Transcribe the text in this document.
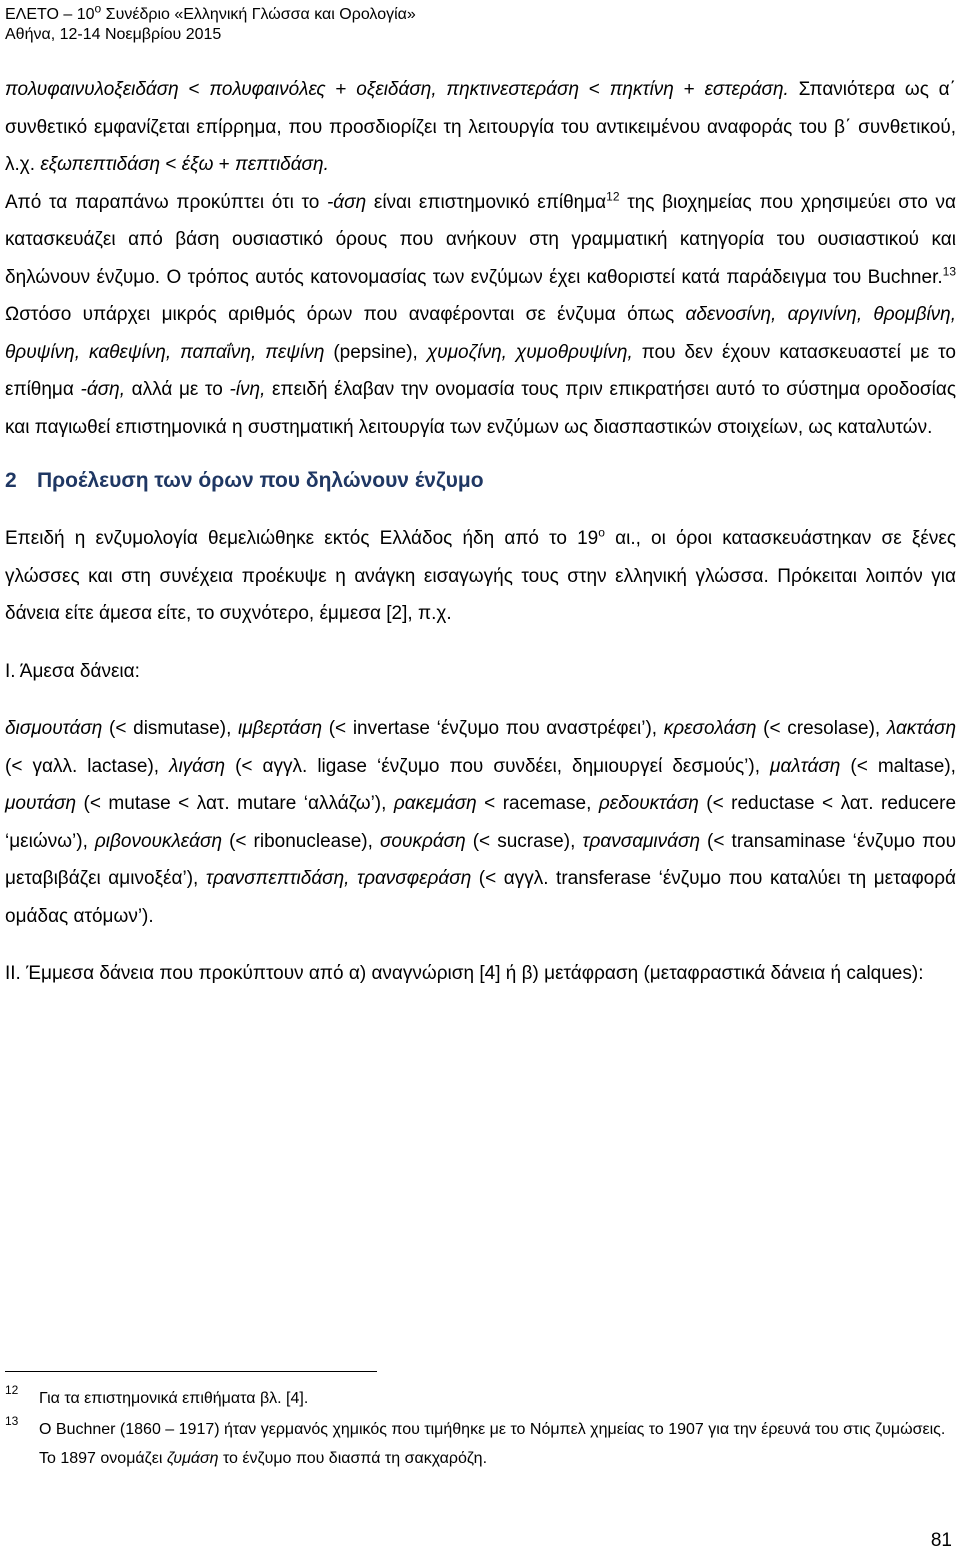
ΕΛΕΤΟ – $10^o$ Συνέδριο «Ελληνική Γλώσσα και Ορολογία»
Αθήνα, 12-14 Νοεμβρίου 2015

πολυφαινυλοξειδάση < πολυφαινόλες + οξειδάση, πηκτινεστεράση < πηκτίνη + εστεράση. Σπανιότερα ως α΄ συνθετικό εμφανίζεται επίρρημα, που προσδιορίζει τη λειτουργία του αντικειμένου αναφοράς του β΄ συνθετικού, λ.χ. εξωπεπτιδάση < έξω + πεπτιδάση.

Από τα παραπάνω προκύπτει ότι το -άση είναι επιστημονικό επίθημα$^{12}$ της βιοχημείας που χρησιμεύει στο να κατασκευάζει από βάση ουσιαστικό όρους που ανήκουν στη γραμματική κατηγορία του ουσιαστικού και δηλώνουν ένζυμο. Ο τρόπος αυτός κατονομασίας των ενζύμων έχει καθοριστεί κατά παράδειγμα του Buchner.$^{13}$ Ωστόσο υπάρχει μικρός αριθμός όρων που αναφέρονται σε ένζυμα όπως αδενοσίνη, αργινίνη, θρομβίνη, θρυψίνη, καθεψίνη, παπαΐνη, πεψίνη (pepsine), χυμοζίνη, χυμοθρυψίνη, που δεν έχουν κατασκευαστεί με το επίθημα -άση, αλλά με το -ίνη, επειδή έλαβαν την ονομασία τους πριν επικρατήσει αυτό το σύστημα οροδοσίας και παγιωθεί επιστημονικά η συστηματική λειτουργία των ενζύμων ως διασπαστικών στοιχείων, ως καταλυτών.

2 Προέλευση των όρων που δηλώνουν ένζυμο

Επειδή η ενζυμολογία θεμελιώθηκε εκτός Ελλάδος ήδη από το $19^o$ αι., οι όροι κατασκευάστηκαν σε ξένες γλώσσες και στη συνέχεια προέκυψε η ανάγκη εισαγωγής τους στην ελληνική γλώσσα. Πρόκειται λοιπόν για δάνεια είτε άμεσα είτε, το συχνότερο, έμμεσα [2], π.χ.

Ι. Άμεσα δάνεια:

δισμουτάση (< dismutase), ιμβερτάση (< invertase ‘ένζυμο που αναστρέφει’), κρεσολάση (< cresolase), λακτάση (< γαλλ. lactase), λιγάση (< αγγλ. ligase ‘ένζυμο που συνδέει, δημιουργεί δεσμούς’), μαλτάση (< maltase), μουτάση (< mutase < λατ. mutare ‘αλλάζω’), ρακεμάση < racemase, ρεδουκτάση (< reductase < λατ. reducere ‘μειώνω’), ριβονουκλεάση (< ribonuclease), σουκράση (< sucrase), τρανσαμινάση (< transaminase ‘ένζυμο που μεταβιβάζει αμινοξέα’), τρανσπεπτιδάση, τρανσφεράση (< αγγλ. transferase ‘ένζυμο που καταλύει τη μεταφορά ομάδας ατόμων’).

ΙΙ. Έμμεσα δάνεια που προκύπτουν από α) αναγνώριση [4] ή β) μετάφραση (μεταφραστικά δάνεια ή calques):

12 Για τα επιστημονικά επιθήματα βλ. [4].
13 Ο Buchner (1860 – 1917) ήταν γερμανός χημικός που τιμήθηκε με το Νόμπελ χημείας το 1907 για την έρευνά του στις ζυμώσεις. Το 1897 ονομάζει ζυμάση το ένζυμο που διασπά τη σακχαρόζη.
81
